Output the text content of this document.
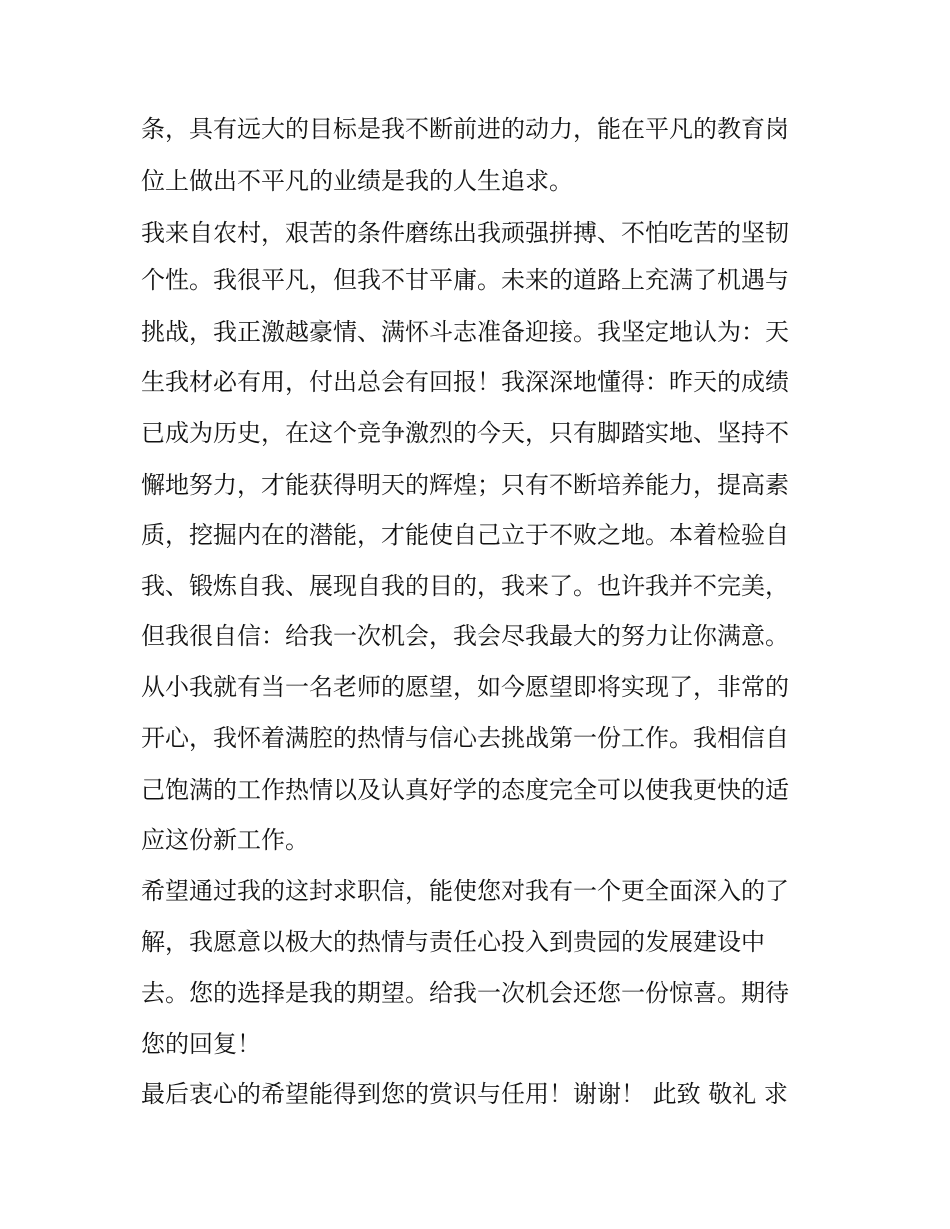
条，具有远大的目标是我不断前进的动力，能在平凡的教育岗
位上做出不平凡的业绩是我的人生追求。
我来自农村，艰苦的条件磨练出我顽强拼搏、不怕吃苦的坚韧
个性。我很平凡，但我不甘平庸。未来的道路上充满了机遇与
挑战，我正激越豪情、满怀斗志准备迎接。我坚定地认为：天
生我材必有用，付出总会有回报！我深深地懂得：昨天的成绩
已成为历史，在这个竞争激烈的今天，只有脚踏实地、坚持不
懈地努力，才能获得明天的辉煌；只有不断培养能力，提高素
质，挖掘内在的潜能，才能使自己立于不败之地。本着检验自
我、锻炼自我、展现自我的目的，我来了。也许我并不完美，
但我很自信：给我一次机会，我会尽我最大的努力让你满意。
从小我就有当一名老师的愿望，如今愿望即将实现了，非常的
开心，我怀着满腔的热情与信心去挑战第一份工作。我相信自
己饱满的工作热情以及认真好学的态度完全可以使我更快的适
应这份新工作。
希望通过我的这封求职信，能使您对我有一个更全面深入的了
解，我愿意以极大的热情与责任心投入到贵园的发展建设中
去。您的选择是我的期望。给我一次机会还您一份惊喜。期待
您的回复！
最后衷心的希望能得到您的赏识与任用！谢谢！ 此致 敬礼 求
